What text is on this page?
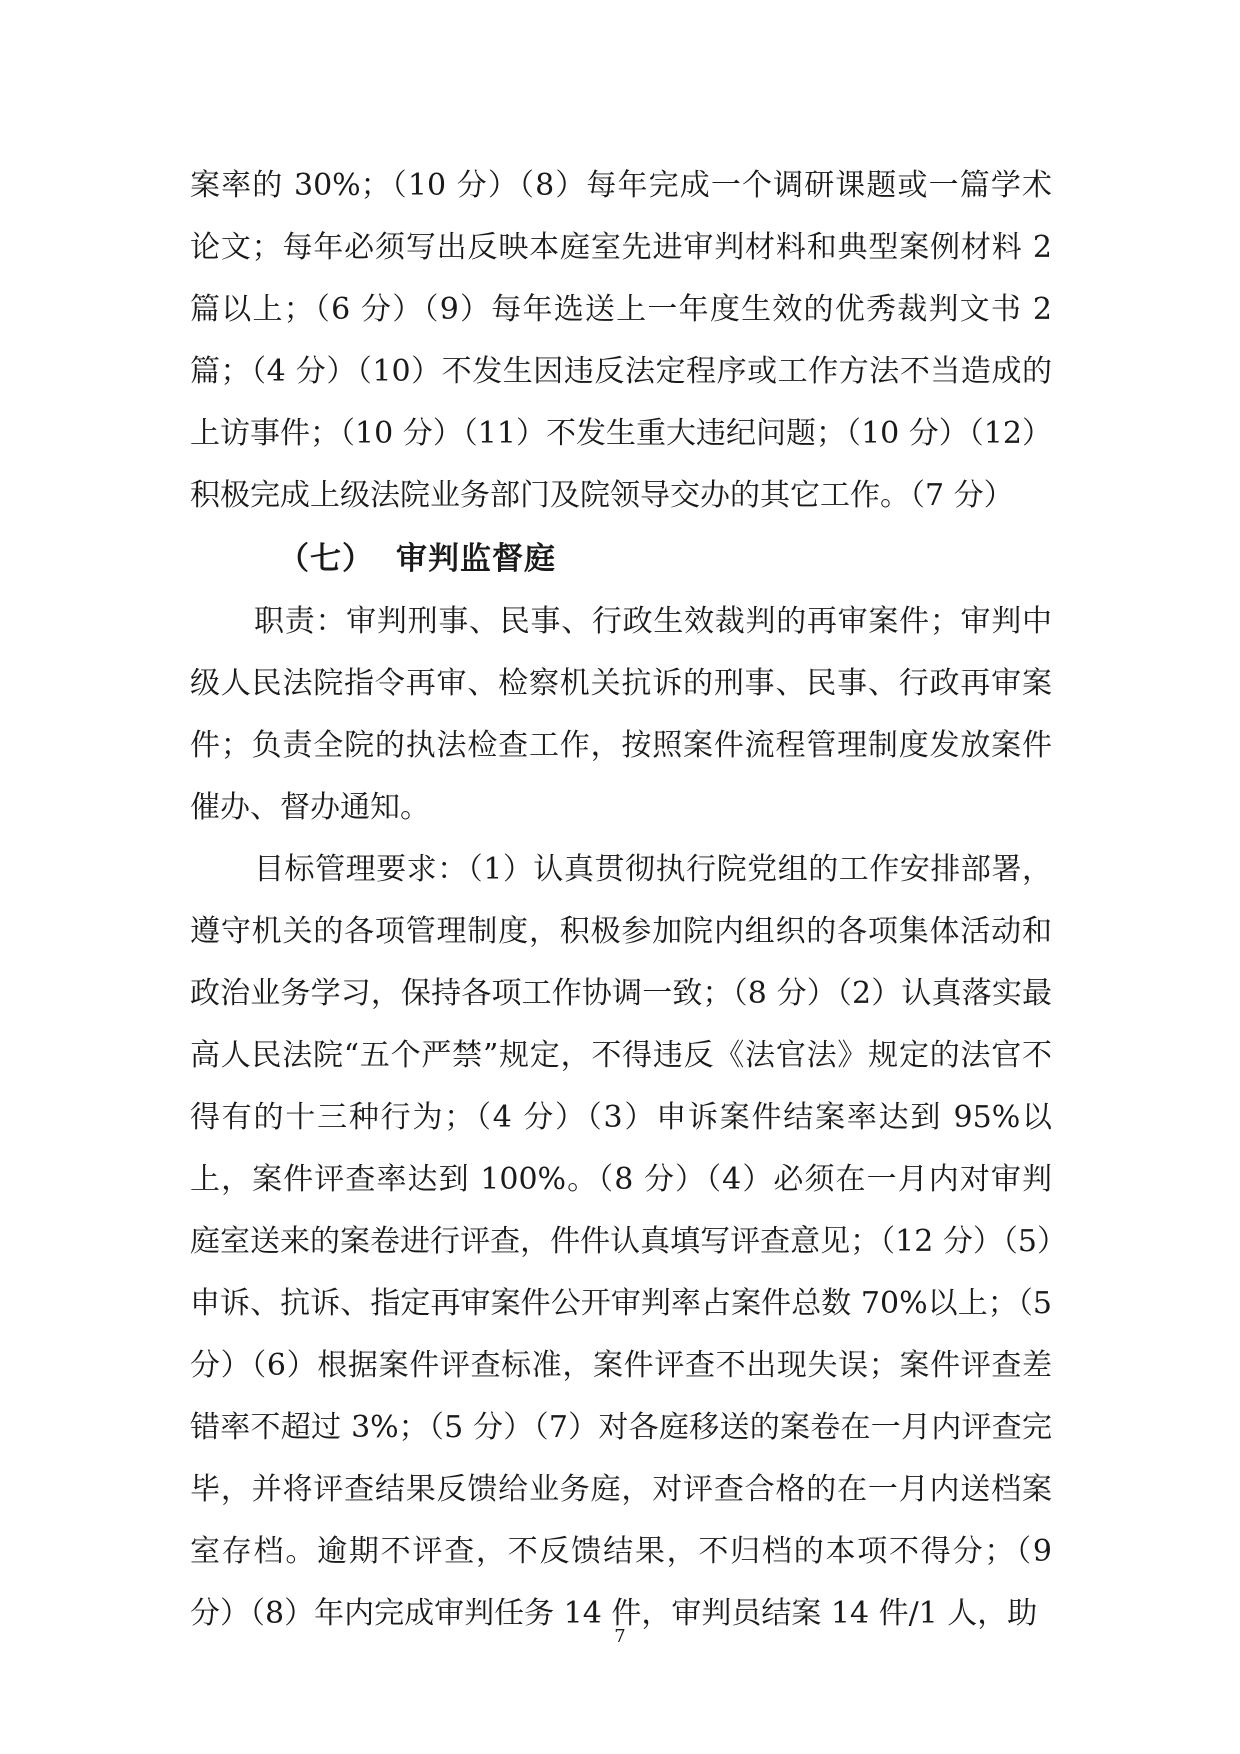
案率的 30%；（10 分）（8）每年完成一个调研课题或一篇学术论文；每年必须写出反映本庭室先进审判材料和典型案例材料 2 篇以上；（6 分）（9）每年选送上一年度生效的优秀裁判文书 2 篇；（4 分）（10）不发生因违反法定程序或工作方法不当造成的上访事件；（10 分）（11）不发生重大违纪问题；（10 分）（12）积极完成上级法院业务部门及院领导交办的其它工作。（7 分）

（七） 审判监督庭

职责：审判刑事、民事、行政生效裁判的再审案件；审判中级人民法院指令再审、检察机关抗诉的刑事、民事、行政再审案件；负责全院的执法检查工作，按照案件流程管理制度发放案件催办、督办通知。

目标管理要求：（1）认真贯彻执行院党组的工作安排部署，遵守机关的各项管理制度，积极参加院内组织的各项集体活动和政治业务学习，保持各项工作协调一致；（8 分）（2）认真落实最高人民法院“五个严禁”规定，不得违反《法官法》规定的法官不得有的十三种行为；（4 分）（3）申诉案件结案率达到 95%以上，案件评查率达到 100%。（8 分）（4）必须在一月内对审判庭室送来的案卷进行评查，件件认真填写评查意见；（12 分）（5）申诉、抗诉、指定再审案件公开审判率占案件总数 70%以上；（5 分）（6）根据案件评查标准，案件评查不出现失误；案件评查差错率不超过 3%；（5 分）（7）对各庭移送的案卷在一月内评查完毕，并将评查结果反馈给业务庭，对评查合格的在一月内送档案室存档。逾期不评查，不反馈结果，不归档的本项不得分；（9 分）（8）年内完成审判任务 14 件，审判员结案 14 件/1 人，助

7
